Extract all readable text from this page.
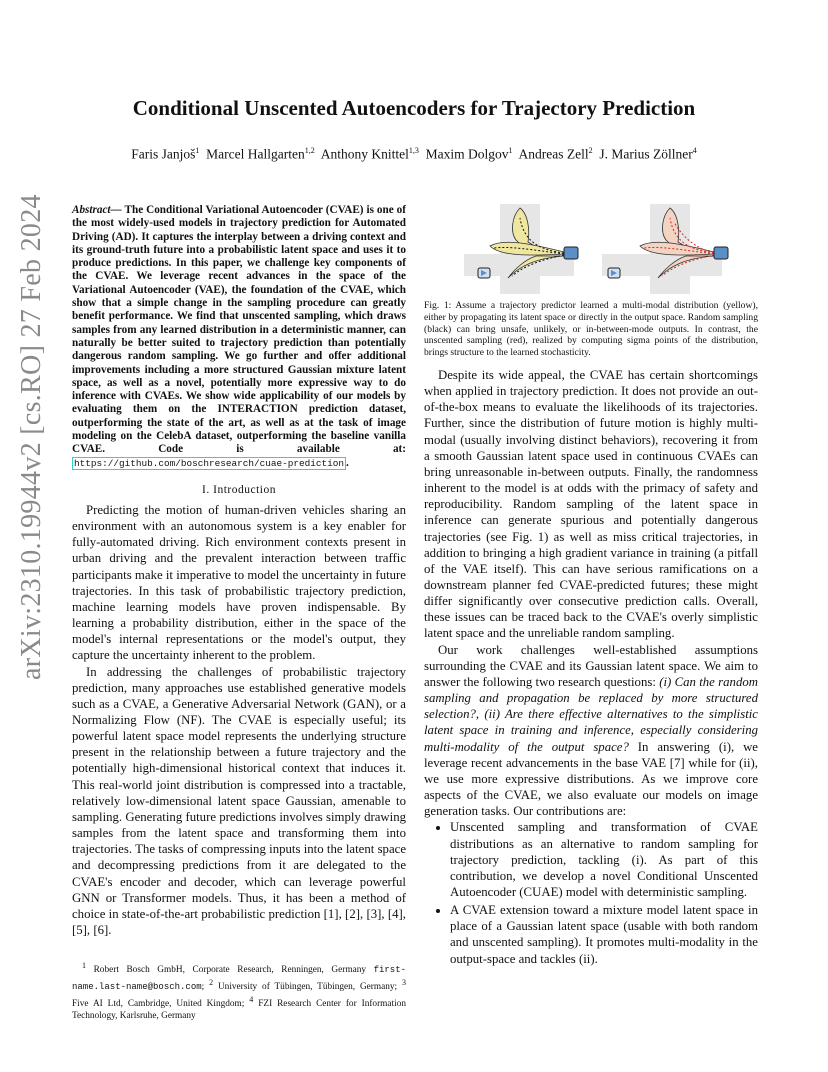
arXiv:2310.19944v2 [cs.RO] 27 Feb 2024
Conditional Unscented Autoencoders for Trajectory Prediction
Faris Janjoš$^1$ Marcel Hallgarten$^{1,2}$ Anthony Knittel$^{1,3}$ Maxim Dolgov$^1$ Andreas Zell$^2$ J. Marius Zöllner$^4$
Abstract— The Conditional Variational Autoencoder (CVAE) is one of the most widely-used models in trajectory prediction for Automated Driving (AD). It captures the interplay between a driving context and its ground-truth future into a probabilistic latent space and uses it to produce predictions. In this paper, we challenge key components of the CVAE. We leverage recent advances in the space of the Variational Autoencoder (VAE), the foundation of the CVAE, which show that a simple change in the sampling procedure can greatly benefit performance. We find that unscented sampling, which draws samples from any learned distribution in a deterministic manner, can naturally be better suited to trajectory prediction than potentially dangerous random sampling. We go further and offer additional improvements including a more structured Gaussian mixture latent space, as well as a novel, potentially more expressive way to do inference with CVAEs. We show wide applicability of our models by evaluating them on the INTERACTION prediction dataset, outperforming the state of the art, as well as at the task of image modeling on the CelebA dataset, outperforming the baseline vanilla CVAE. Code is available at: https://github.com/boschresearch/cuae-prediction .
I. Introduction

Predicting the motion of human-driven vehicles sharing an environment with an autonomous system is a key enabler for fully-automated driving. Rich environment contexts present in urban driving and the prevalent interaction between traffic participants make it imperative to model the uncertainty in future trajectories. In this task of probabilistic trajectory prediction, machine learning models have proven indispensable. By learning a probability distribution, either in the space of the model's internal representations or the model's output, they capture the uncertainty inherent to the problem.

In addressing the challenges of probabilistic trajectory prediction, many approaches use established generative models such as a CVAE, a Generative Adversarial Network (GAN), or a Normalizing Flow (NF). The CVAE is especially useful; its powerful latent space model represents the underlying structure present in the relationship between a future trajectory and the potentially high-dimensional historical context that induces it. This real-world joint distribution is compressed into a tractable, relatively low-dimensional latent space Gaussian, amenable to sampling. Generating future predictions involves simply drawing samples from the latent space and transforming them into trajectories. The tasks of compressing inputs into the latent space and decompressing predictions from it are delegated to the CVAE's encoder and decoder, which can leverage powerful GNN or Transformer models. Thus, it has been a method of choice in state-of-the-art probabilistic prediction [1], [2], [3], [4], [5], [6].

$^1$ Robert Bosch GmbH, Corporate Research, Renningen, Germany first-name.last-name@bosch.com; $^2$ University of Tübingen, Tübingen, Germany; $^3$ Five AI Ltd, Cambridge, United Kingdom; $^4$ FZI Research Center for Information Technology, Karlsruhe, Germany
Fig. 1: Assume a trajectory predictor learned a multi-modal distribution (yellow), either by propagating its latent space or directly in the output space. Random sampling (black) can bring unsafe, unlikely, or in-between-mode outputs. In contrast, the unscented sampling (red), realized by computing sigma points of the distribution, brings structure to the learned stochasticity.

Despite its wide appeal, the CVAE has certain shortcomings when applied in trajectory prediction. It does not provide an out-of-the-box means to evaluate the likelihoods of its trajectories. Further, since the distribution of future motion is highly multi-modal (usually involving distinct behaviors), recovering it from a smooth Gaussian latent space used in continuous CVAEs can bring unreasonable in-between outputs. Finally, the randomness inherent to the model is at odds with the primacy of safety and reproducibility. Random sampling of the latent space in inference can generate spurious and potentially dangerous trajectories (see Fig. 1) as well as miss critical trajectories, in addition to bringing a high gradient variance in training (a pitfall of the VAE itself). This can have serious ramifications on a downstream planner fed CVAE-predicted futures; these might differ significantly over consecutive prediction calls. Overall, these issues can be traced back to the CVAE's overly simplistic latent space and the unreliable random sampling.

Our work challenges well-established assumptions surrounding the CVAE and its Gaussian latent space. We aim to answer the following two research questions: (i) Can the random sampling and propagation be replaced by more structured selection?, (ii) Are there effective alternatives to the simplistic latent space in training and inference, especially considering multi-modality of the output space? In answering (i), we leverage recent advancements in the base VAE [7] while for (ii), we use more expressive distributions. As we improve core aspects of the CVAE, we also evaluate our models on image generation tasks. Our contributions are:

• Unscented sampling and transformation of CVAE distributions as an alternative to random sampling for trajectory prediction, tackling (i). As part of this contribution, we develop a novel Conditional Unscented Autoencoder (CUAE) model with deterministic sampling.
• A CVAE extension toward a mixture model latent space in place of a Gaussian latent space (usable with both random and unscented sampling). It promotes multi-modality in the output-space and tackles (ii).
